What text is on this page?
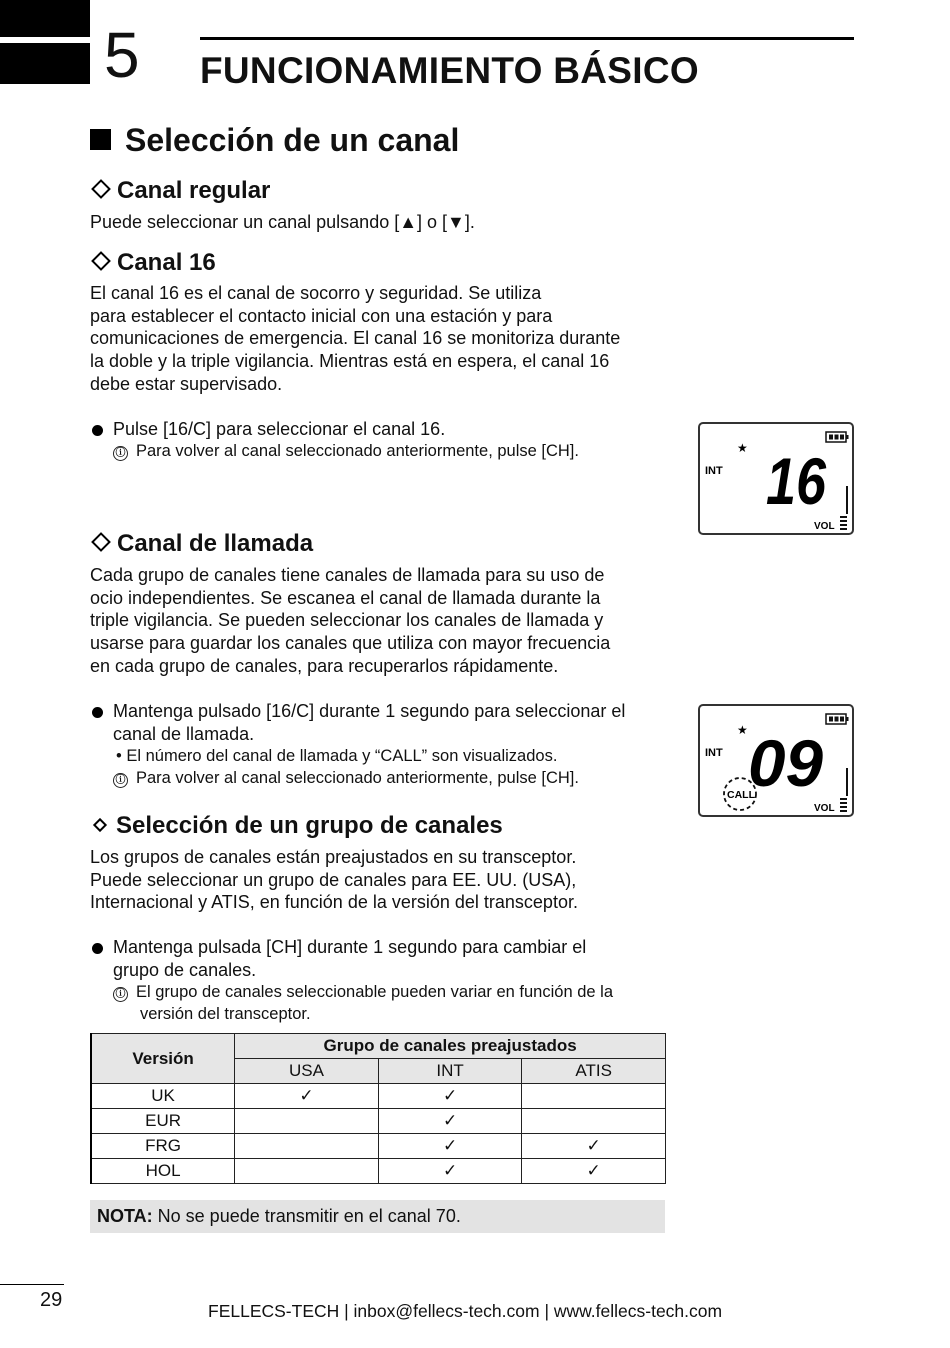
5 FUNCIONAMIENTO BÁSICO
Selección de un canal
Canal regular
Puede seleccionar un canal pulsando [▲] o [▼].
Canal 16
El canal 16 es el canal de socorro y seguridad. Se utiliza
para establecer el contacto inicial con una estación y para
comunicaciones de emergencia. El canal 16 se monitoriza durante
la doble y la triple vigilancia. Mientras está en espera, el canal 16
debe estar supervisado.
Pulse [16/C] para seleccionar el canal 16.
ⓘ Para volver al canal seleccionado anteriormente, pulse [CH].	★
INT
VOL
16
Canal de llamada
Cada grupo de canales tiene canales de llamada para su uso de
ocio independientes. Se escanea el canal de llamada durante la
triple vigilancia. Se pueden seleccionar los canales de llamada y
usarse para guardar los canales que utiliza con mayor frecuencia
en cada grupo de canales, para recuperarlos rápidamente.
Mantenga pulsado [16/C] durante 1 segundo para seleccionar el
canal de llamada.
• El número del canal de llamada y “CALL” son visualizados.
ⓘ Para volver al canal seleccionado anteriormente, pulse [CH].
★
INT
VOL
09
CALL
Selección de un grupo de canales
Los grupos de canales están preajustados en su transceptor.
Puede seleccionar un grupo de canales para EE. UU. (USA),
Internacional y ATIS, en función de la versión del transceptor.
Mantenga pulsada [CH] durante 1 segundo para cambiar el
grupo de canales.
ⓘ El grupo de canales seleccionable pueden variar en función de la
versión del transceptor.
Versión	Grupo de canales preajustados		
	USA	INT	ATIS
UK	✓	✓	
EUR		✓	
FRG		✓	✓
HOL		✓	✓
NOTA: No se puede transmitir en el canal 70.
29	FELLECS-TECH | inbox@fellecs-tech.com | www.fellecs-tech.com
